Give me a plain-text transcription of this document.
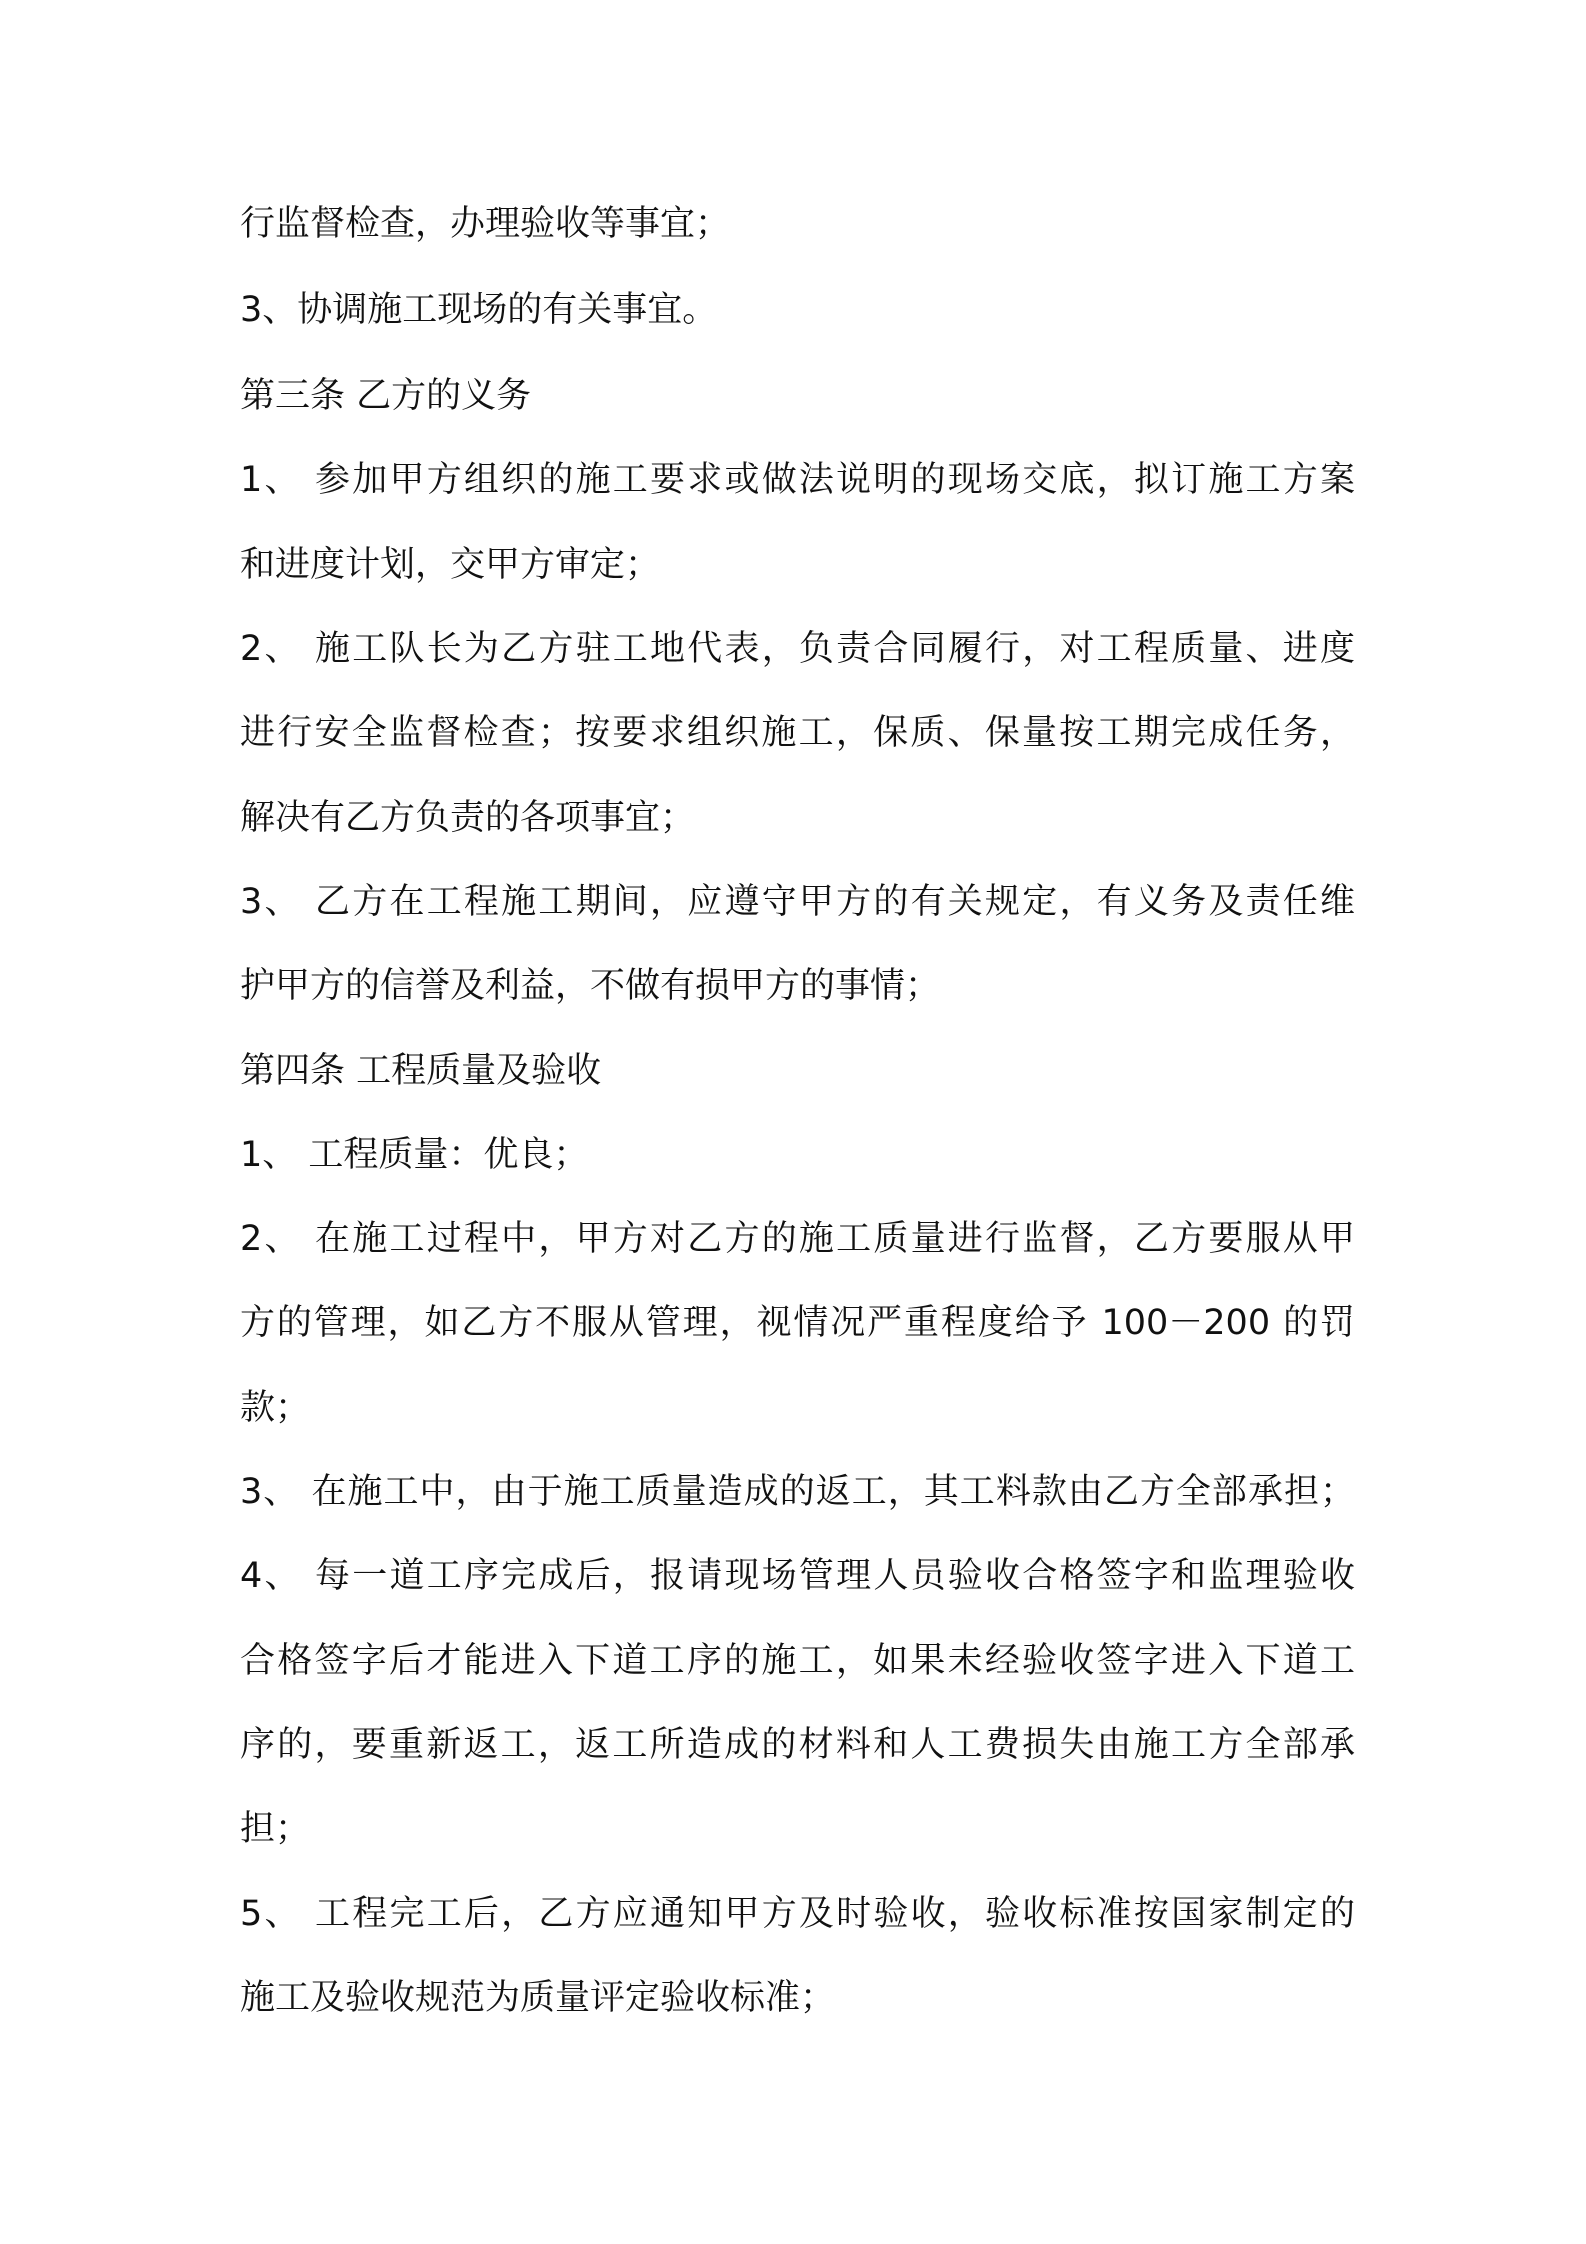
行监督检查，办理验收等事宜；

3、协调施工现场的有关事宜。

第三条 乙方的义务

1、 参加甲方组织的施工要求或做法说明的现场交底，拟订施工方案

和进度计划，交甲方审定；

2、 施工队长为乙方驻工地代表，负责合同履行，对工程质量、进度

进行安全监督检查；按要求组织施工，保质、保量按工期完成任务，

解决有乙方负责的各项事宜；

3、 乙方在工程施工期间，应遵守甲方的有关规定，有义务及责任维

护甲方的信誉及利益，不做有损甲方的事情；

第四条 工程质量及验收

1、 工程质量：优良；

2、 在施工过程中，甲方对乙方的施工质量进行监督，乙方要服从甲

方的管理，如乙方不服从管理，视情况严重程度给予 100－200 的罚

款；

3、 在施工中，由于施工质量造成的返工，其工料款由乙方全部承担；

4、 每一道工序完成后，报请现场管理人员验收合格签字和监理验收

合格签字后才能进入下道工序的施工，如果未经验收签字进入下道工

序的，要重新返工，返工所造成的材料和人工费损失由施工方全部承

担；

5、 工程完工后，乙方应通知甲方及时验收，验收标准按国家制定的

施工及验收规范为质量评定验收标准；
